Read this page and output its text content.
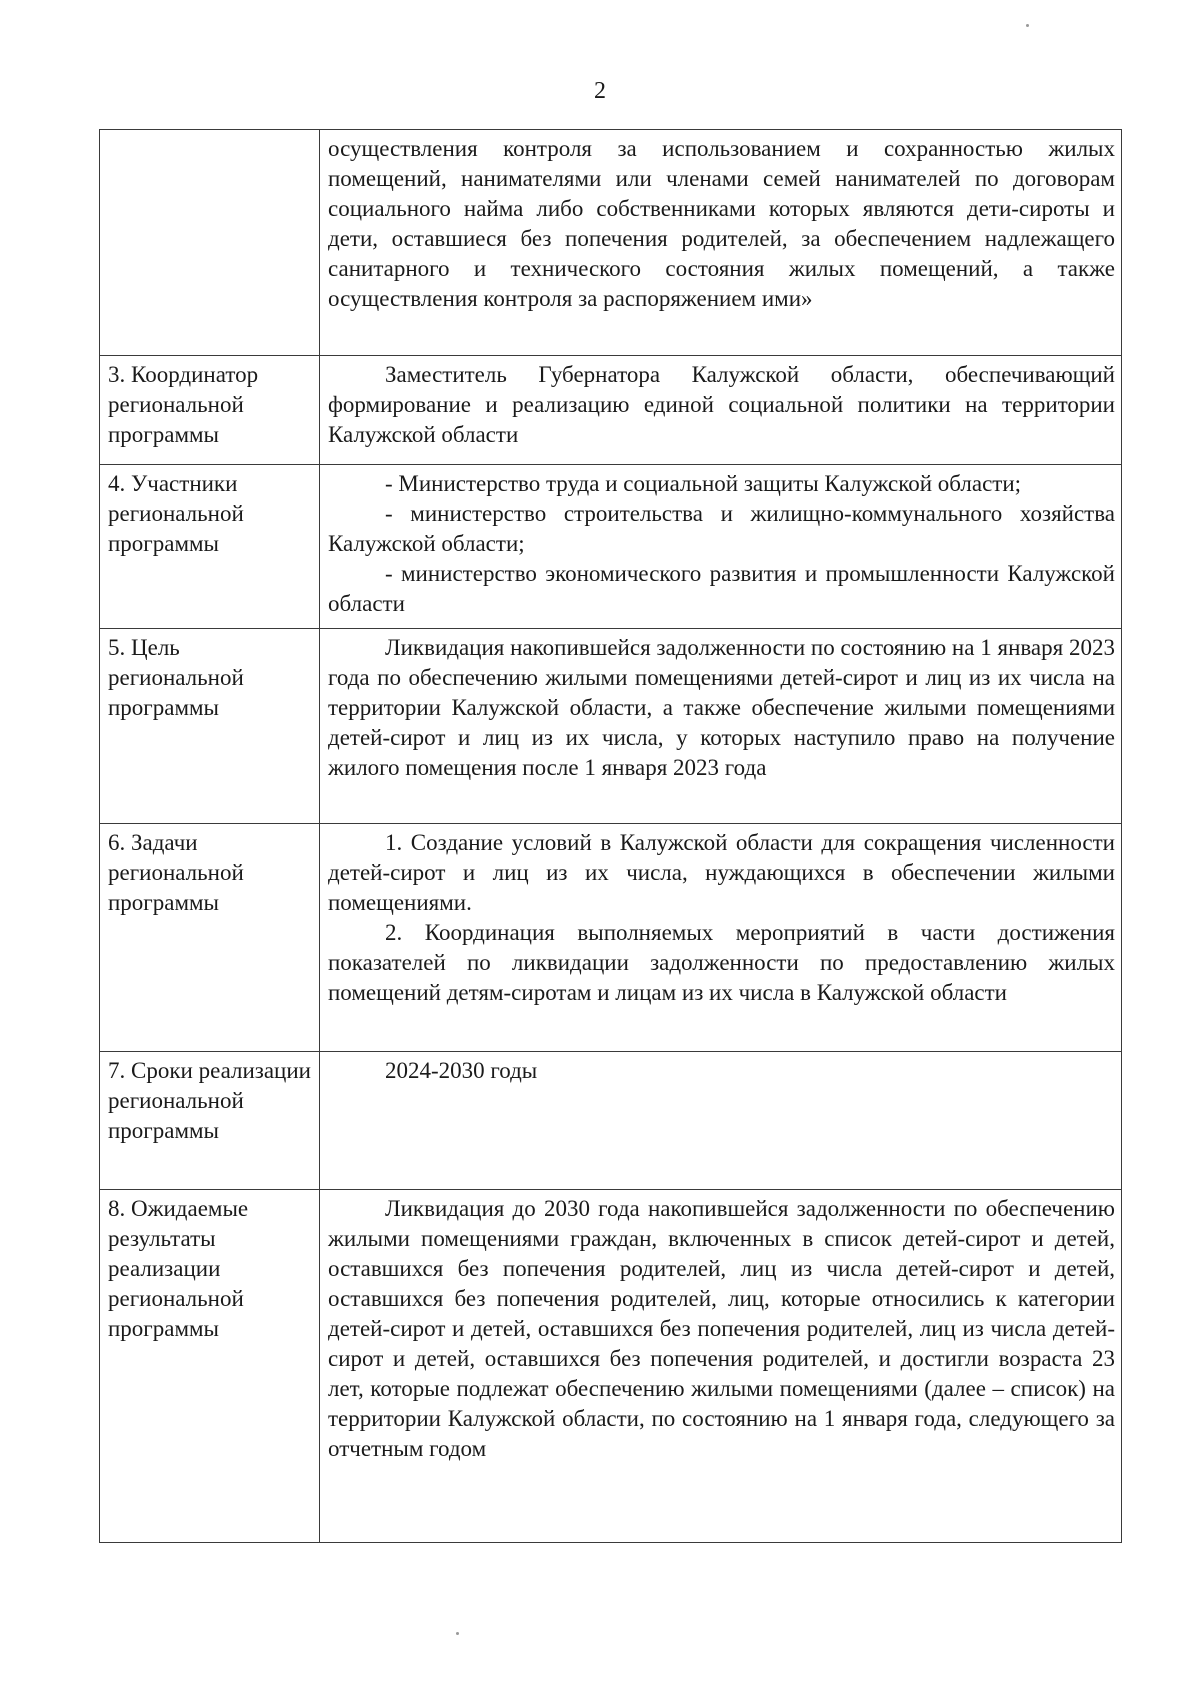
2

	осуществления контроля за использованием и сохранностью жилых помещений, нанимателями или членами семей нанимателей по договорам социального найма либо собственниками которых являются дети-сироты и дети, оставшиеся без попечения родителей, за обеспечением надлежащего санитарного и технического состояния жилых помещений, а также осуществления контроля за распоряжением ими»

3. Координатор региональной программы	Заместитель Губернатора Калужской области, обеспечивающий формирование и реализацию единой социальной политики на территории Калужской области

4. Участники региональной программы	- Министерство труда и социальной защиты Калужской области;

- министерство строительства и жилищно-коммунального хозяйства Калужской области;

- министерство экономического развития и промышленности Калужской области

5. Цель региональной программы	Ликвидация накопившейся задолженности по состоянию на 1 января 2023 года по обеспечению жилыми помещениями детей-сирот и лиц из их числа на территории Калужской области, а также обеспечение жилыми помещениями детей-сирот и лиц из их числа, у которых наступило право на получение жилого помещения после 1 января 2023 года

6. Задачи региональной программы	1. Создание условий в Калужской области для сокращения численности детей-сирот и лиц из их числа, нуждающихся в обеспечении жилыми помещениями.

2. Координация выполняемых мероприятий в части достижения показателей по ликвидации задолженности по предоставлению жилых помещений детям-сиротам и лицам из их числа в Калужской области

7. Сроки реализации региональной программы	2024-2030 годы

8. Ожидаемые результаты реализации региональной программы	Ликвидация до 2030 года накопившейся задолженности по обеспечению жилыми помещениями граждан, включенных в список детей-сирот и детей, оставшихся без попечения родителей, лиц из числа детей-сирот и детей, оставшихся без попечения родителей, лиц, которые относились к категории детей-сирот и детей, оставшихся без попечения родителей, лиц из числа детей-сирот и детей, оставшихся без попечения родителей, и достигли возраста 23 лет, которые подлежат обеспечению жилыми помещениями (далее – список) на территории Калужской области, по состоянию на 1 января года, следующего за отчетным годом
